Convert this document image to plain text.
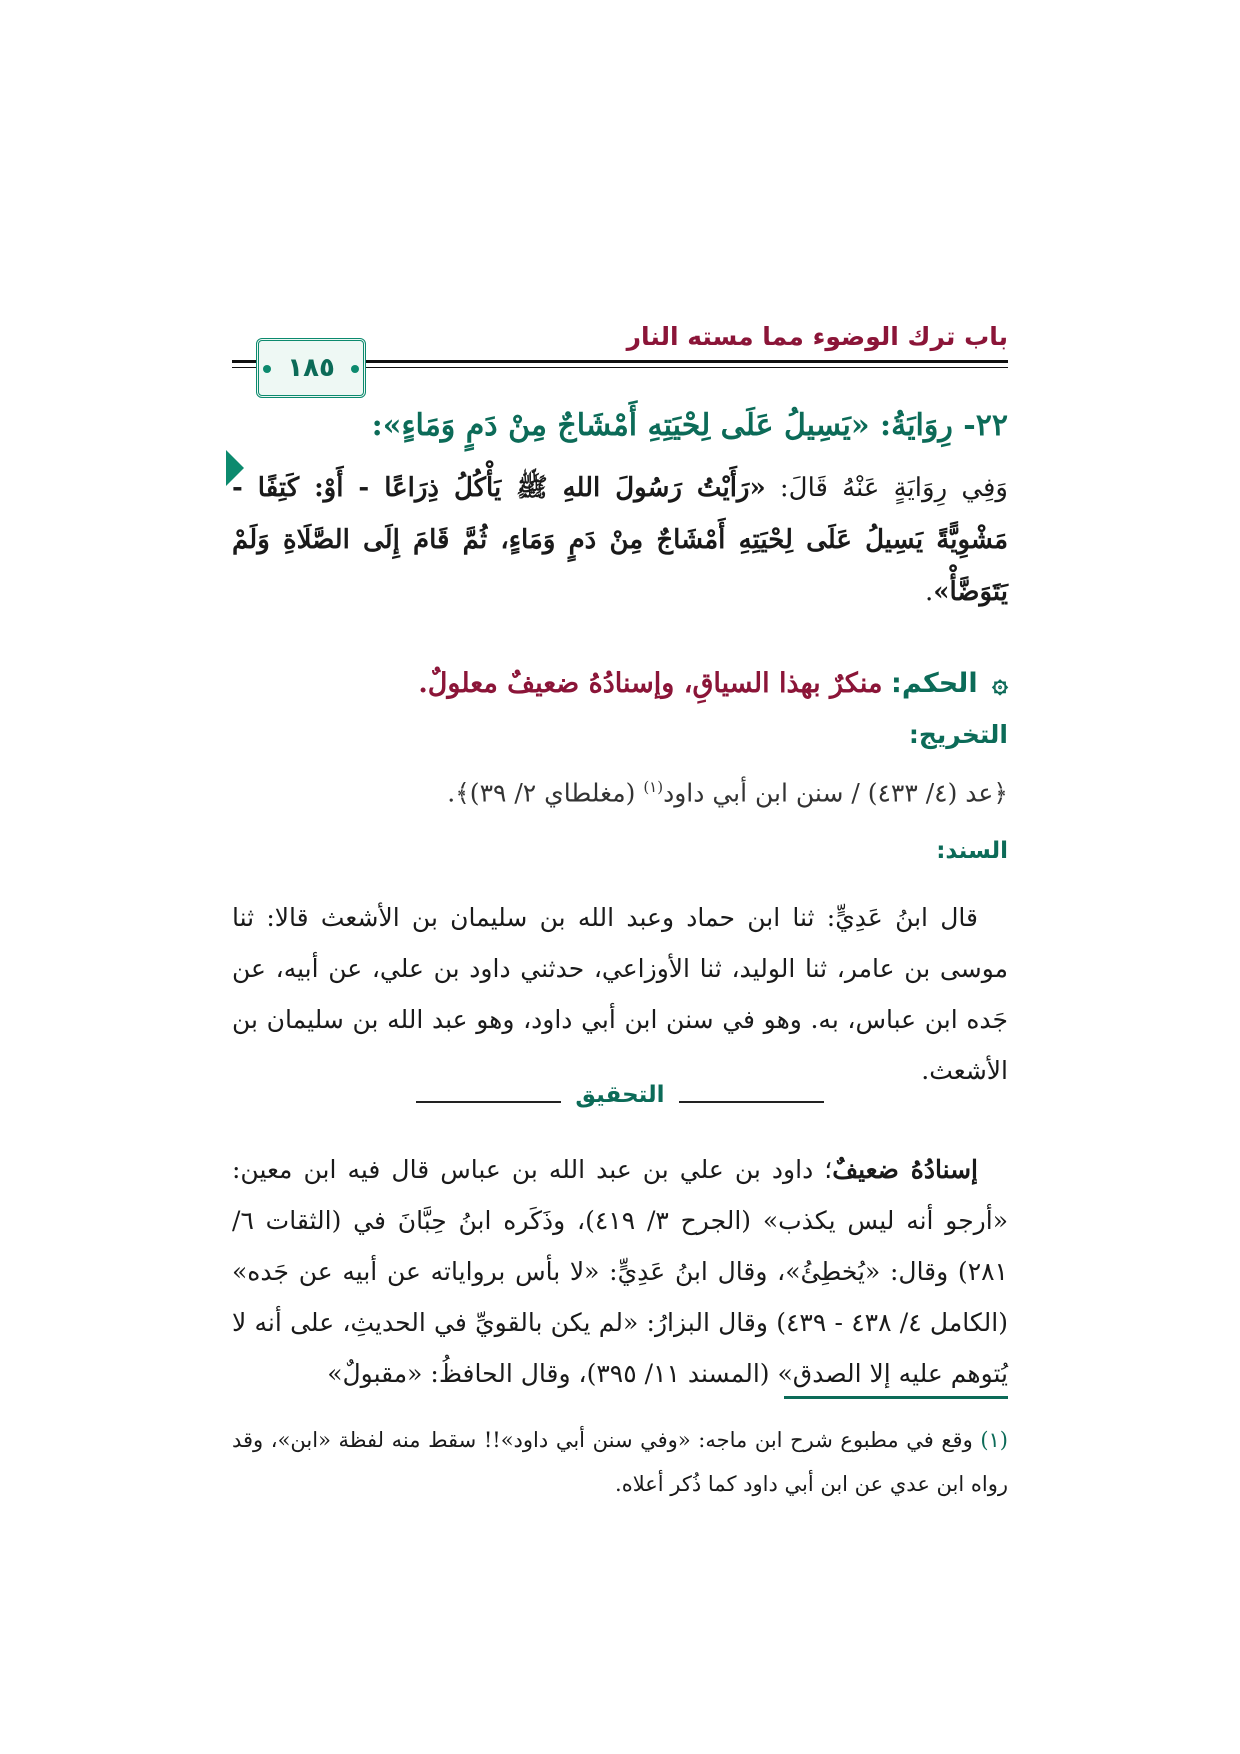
باب ترك الوضوء مما مسته النار
١٨٥
٢٢- رِوَايَةُ: «يَسِيلُ عَلَى لِحْيَتِهِ أَمْشَاجٌ مِنْ دَمٍ وَمَاءٍ»:
وَفِي رِوَايَةٍ عَنْهُ قَالَ: «رَأَيْتُ رَسُولَ اللهِ ﷺ يَأْكُلُ ذِرَاعًا - أَوْ: كَتِفًا - مَشْوِيًّةً يَسِيلُ عَلَى لِحْيَتِهِ أَمْشَاجٌ مِنْ دَمٍ وَمَاءٍ، ثُمَّ قَامَ إِلَى الصَّلَاةِ وَلَمْ يَتَوَضَّأْ».
۞ الحكم: منكرٌ بهذا السياقِ، وإسنادُهُ ضعيفٌ معلولٌ.
التخريج:
﴿عد (٤/ ٤٣٣) / سنن ابن أبي داود$^{(١)}$ (مغلطاي ٢/ ٣٩)﴾.
السند:
قال ابنُ عَدِيٍّ: ثنا ابن حماد وعبد الله بن سليمان بن الأشعث قالا: ثنا موسى بن عامر، ثنا الوليد، ثنا الأوزاعي، حدثني داود بن علي، عن أبيه، عن جَده ابن عباس، به. وهو في سنن ابن أبي داود، وهو عبد الله بن سليمان بن الأشعث.
التحقيق
إسنادُهُ ضعيفٌ؛ داود بن علي بن عبد الله بن عباس قال فيه ابن معين: «أرجو أنه ليس يكذب» (الجرح ٣/ ٤١٩)، وذَكَره ابنُ حِبَّانَ في (الثقات ٦/ ٢٨١) وقال: «يُخطِئُ»، وقال ابنُ عَدِيٍّ: «لا بأس برواياته عن أبيه عن جَده» (الكامل ٤/ ٤٣٨ - ٤٣٩) وقال البزارُ: «لم يكن بالقويِّ في الحديثِ، على أنه لا يُتوهم عليه إلا الصدق» (المسند ١١/ ٣٩٥)، وقال الحافظُ: «مقبولٌ»
(١) وقع في مطبوع شرح ابن ماجه: «وفي سنن أبي داود»!! سقط منه لفظة «ابن»، وقد رواه ابن عدي عن ابن أبي داود كما ذُكر أعلاه.
